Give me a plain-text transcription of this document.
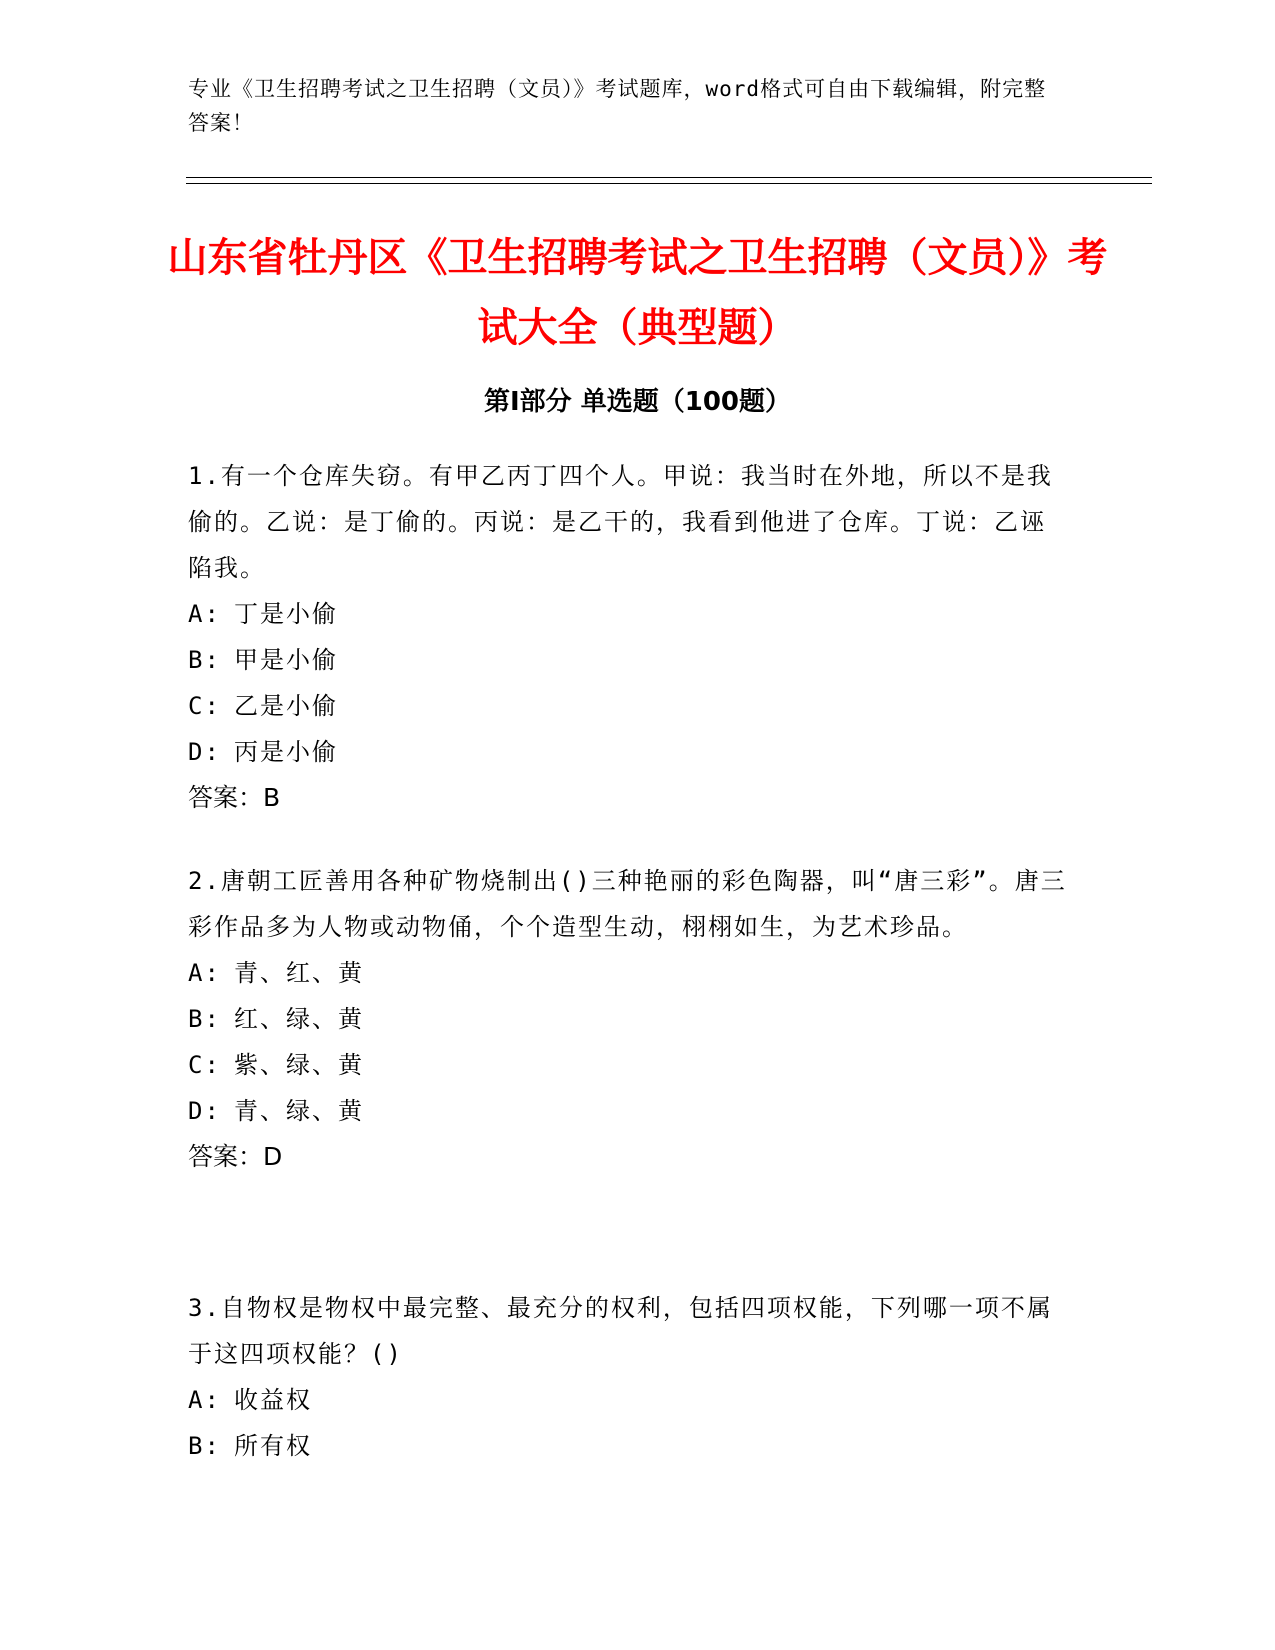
专业《卫生招聘考试之卫生招聘（文员）》考试题库，word格式可自由下载编辑，附完整答案！

山东省牡丹区《卫生招聘考试之卫生招聘（文员）》考试大全（典型题）
第Ⅰ部分 单选题（100题）

1.有一个仓库失窃。有甲乙丙丁四个人。甲说：我当时在外地，所以不是我偷的。乙说：是丁偷的。丙说：是乙干的，我看到他进了仓库。丁说：乙诬陷我。

A: 丁是小偷

B: 甲是小偷

C: 乙是小偷

D: 丙是小偷

答案：B

2.唐朝工匠善用各种矿物烧制出()三种艳丽的彩色陶器，叫“唐三彩”。唐三彩作品多为人物或动物俑，个个造型生动，栩栩如生，为艺术珍品。

A: 青、红、黄

B: 红、绿、黄

C: 紫、绿、黄

D: 青、绿、黄

答案：D

3.自物权是物权中最完整、最充分的权利，包括四项权能，下列哪一项不属于这四项权能？()

A: 收益权

B: 所有权
